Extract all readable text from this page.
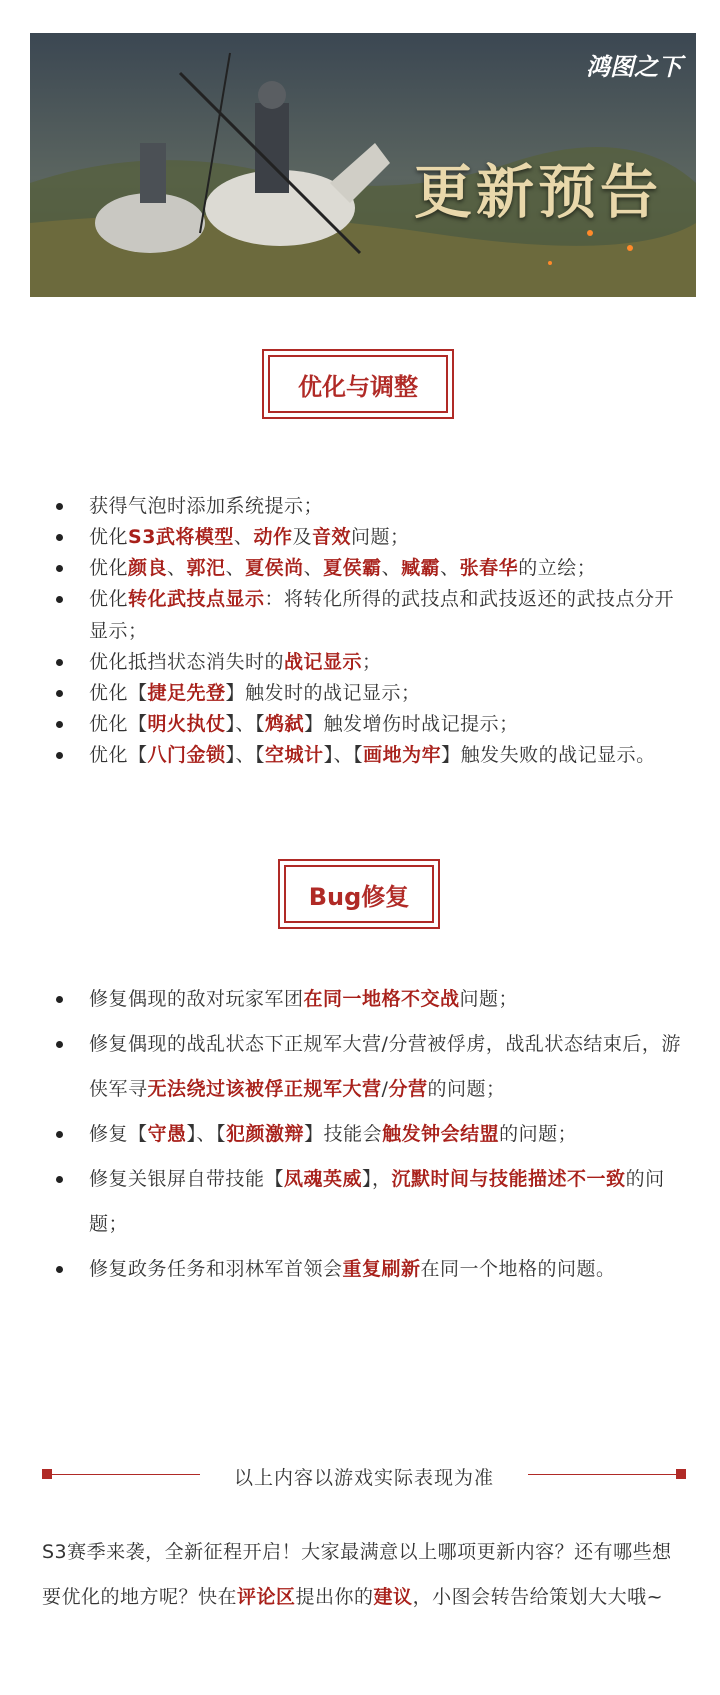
鸿图之下
更新预告
优化与调整
获得气泡时添加系统提示；
优化S3武将模型、动作及音效问题；
优化颜良、郭汜、夏侯尚、夏侯霸、臧霸、张春华的立绘；
优化转化武技点显示：将转化所得的武技点和武技返还的武技点分开显示；
优化抵挡状态消失时的战记显示；
优化【捷足先登】触发时的战记显示；
优化【明火执仗】、【鸩弑】触发增伤时战记提示；
优化【八门金锁】、【空城计】、【画地为牢】触发失败的战记显示。
Bug修复
修复偶现的敌对玩家军团在同一地格不交战问题；
修复偶现的战乱状态下正规军大营/分营被俘虏，战乱状态结束后，游侠军寻无法绕过该被俘正规军大营/分营的问题；
修复【守愚】、【犯颜激辩】技能会触发钟会结盟的问题；
修复关银屏自带技能【凤魂英威】，沉默时间与技能描述不一致的问题；
修复政务任务和羽林军首领会重复刷新在同一个地格的问题。
以上内容以游戏实际表现为准
S3赛季来袭，全新征程开启！大家最满意以上哪项更新内容？还有哪些想要优化的地方呢？快在评论区提出你的建议，小图会转告给策划大大哦~
